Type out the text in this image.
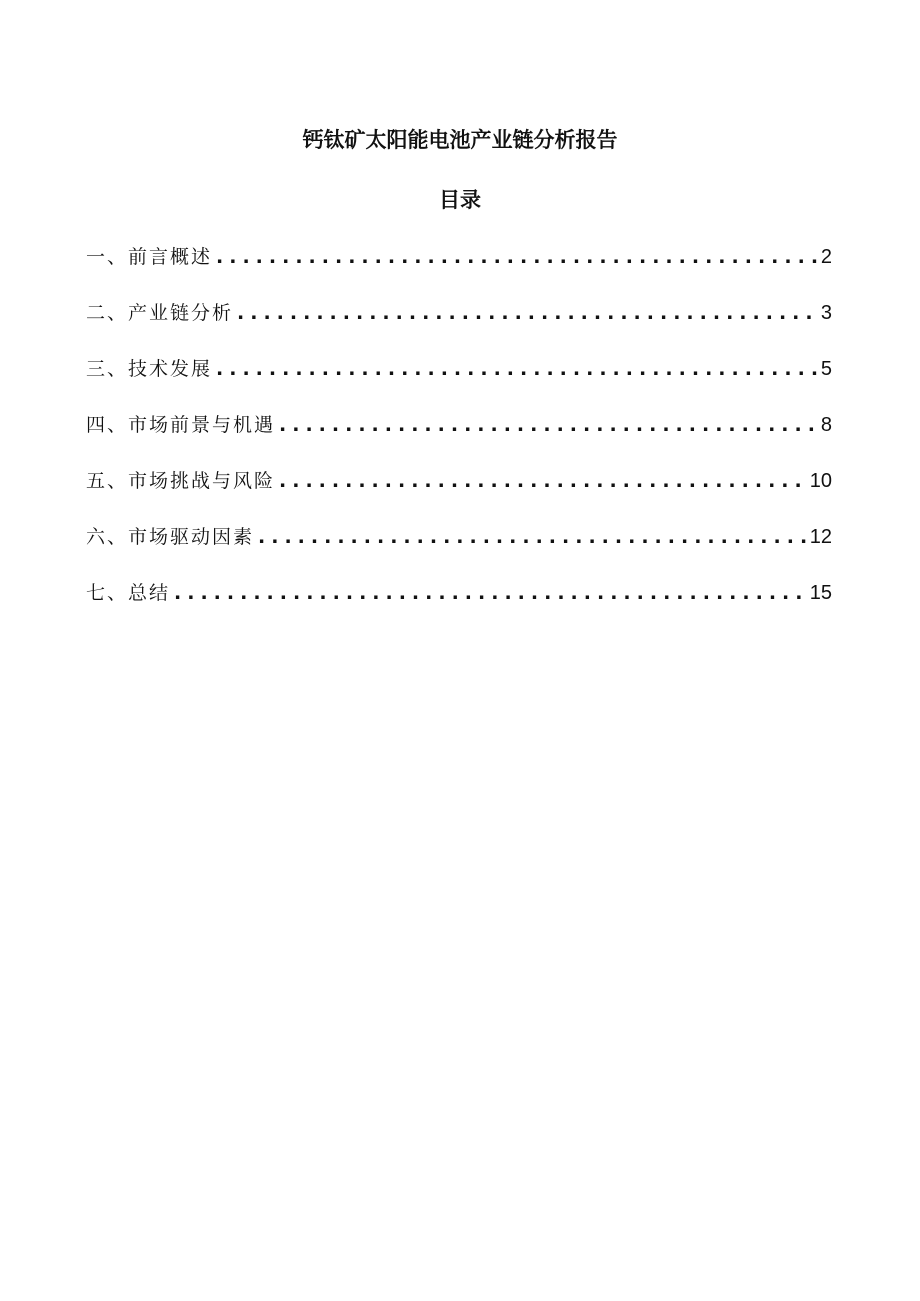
钙钛矿太阳能电池产业链分析报告
目录
一、前言概述 .....	2
二、产业链分析 .....	3
三、技术发展 .....	5
四、市场前景与机遇 .....	8
五、市场挑战与风险 .....	10
六、市场驱动因素 .....	12
七、总结 .....	15
